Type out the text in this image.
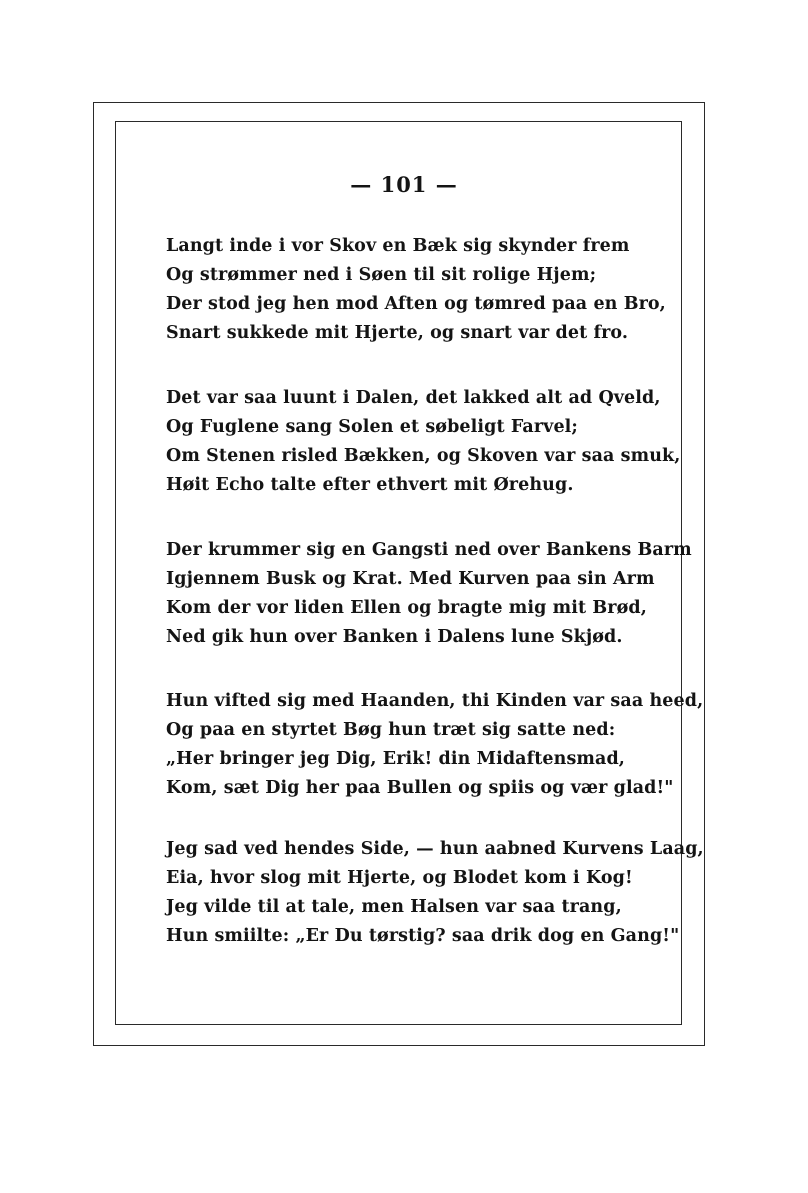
— 101 —
Langt inde i vor Skov en Bæk sig skynder frem
Og strømmer ned i Søen til sit rolige Hjem;
Der stod jeg hen mod Aften og tømred paa en Bro,
Snart sukkede mit Hjerte, og snart var det fro.
Det var saa luunt i Dalen, det lakked alt ad Qveld,
Og Fuglene sang Solen et søbeligt Farvel;
Om Stenen risled Bækken, og Skoven var saa smuk,
Høit Echo talte efter ethvert mit Ørehug.
Der krummer sig en Gangsti ned over Bankens Barm
Igjennem Busk og Krat. Med Kurven paa sin Arm
Kom der vor liden Ellen og bragte mig mit Brød,
Ned gik hun over Banken i Dalens lune Skjød.
Hun vifted sig med Haanden, thi Kinden var saa heed,
Og paa en styrtet Bøg hun træt sig satte ned:
„Her bringer jeg Dig, Erik! din Midaftensmad,
Kom, sæt Dig her paa Bullen og spiis og vær glad!"
Jeg sad ved hendes Side, — hun aabned Kurvens Laag,
Eia, hvor slog mit Hjerte, og Blodet kom i Kog!
Jeg vilde til at tale, men Halsen var saa trang,
Hun smiilte: „Er Du tørstig? saa drik dog en Gang!"
